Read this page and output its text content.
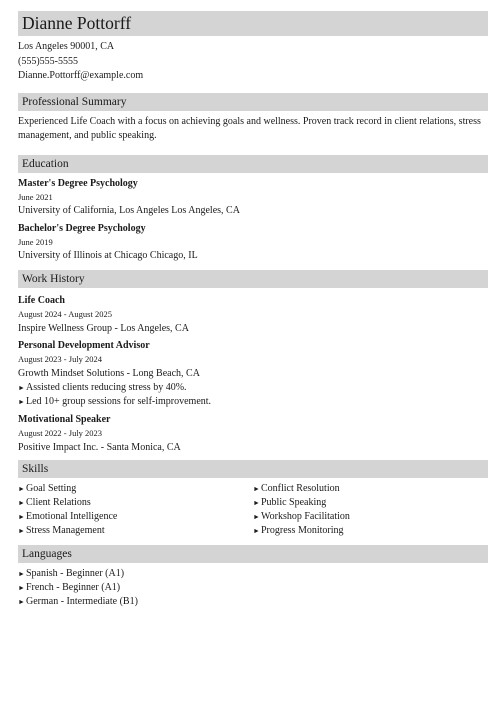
Dianne Pottorff
Los Angeles 90001, CA
(555)555-5555
Dianne.Pottorff@example.com
Professional Summary
Experienced Life Coach with a focus on achieving goals and wellness. Proven track record in client relations, stress management, and public speaking.
Education
Master's Degree Psychology
June 2021
University of California, Los Angeles Los Angeles, CA
Bachelor's Degree Psychology
June 2019
University of Illinois at Chicago Chicago, IL
Work History
Life Coach
August 2024 - August 2025
Inspire Wellness Group - Los Angeles, CA
Personal Development Advisor
August 2023 - July 2024
Growth Mindset Solutions - Long Beach, CA
► Assisted clients reducing stress by 40%.
► Led 10+ group sessions for self-improvement.
Motivational Speaker
August 2022 - July 2023
Positive Impact Inc. - Santa Monica, CA
Skills
► Goal Setting
► Client Relations
► Emotional Intelligence
► Stress Management
► Conflict Resolution
► Public Speaking
► Workshop Facilitation
► Progress Monitoring
Languages
► Spanish - Beginner (A1)
► French - Beginner (A1)
► German - Intermediate (B1)
